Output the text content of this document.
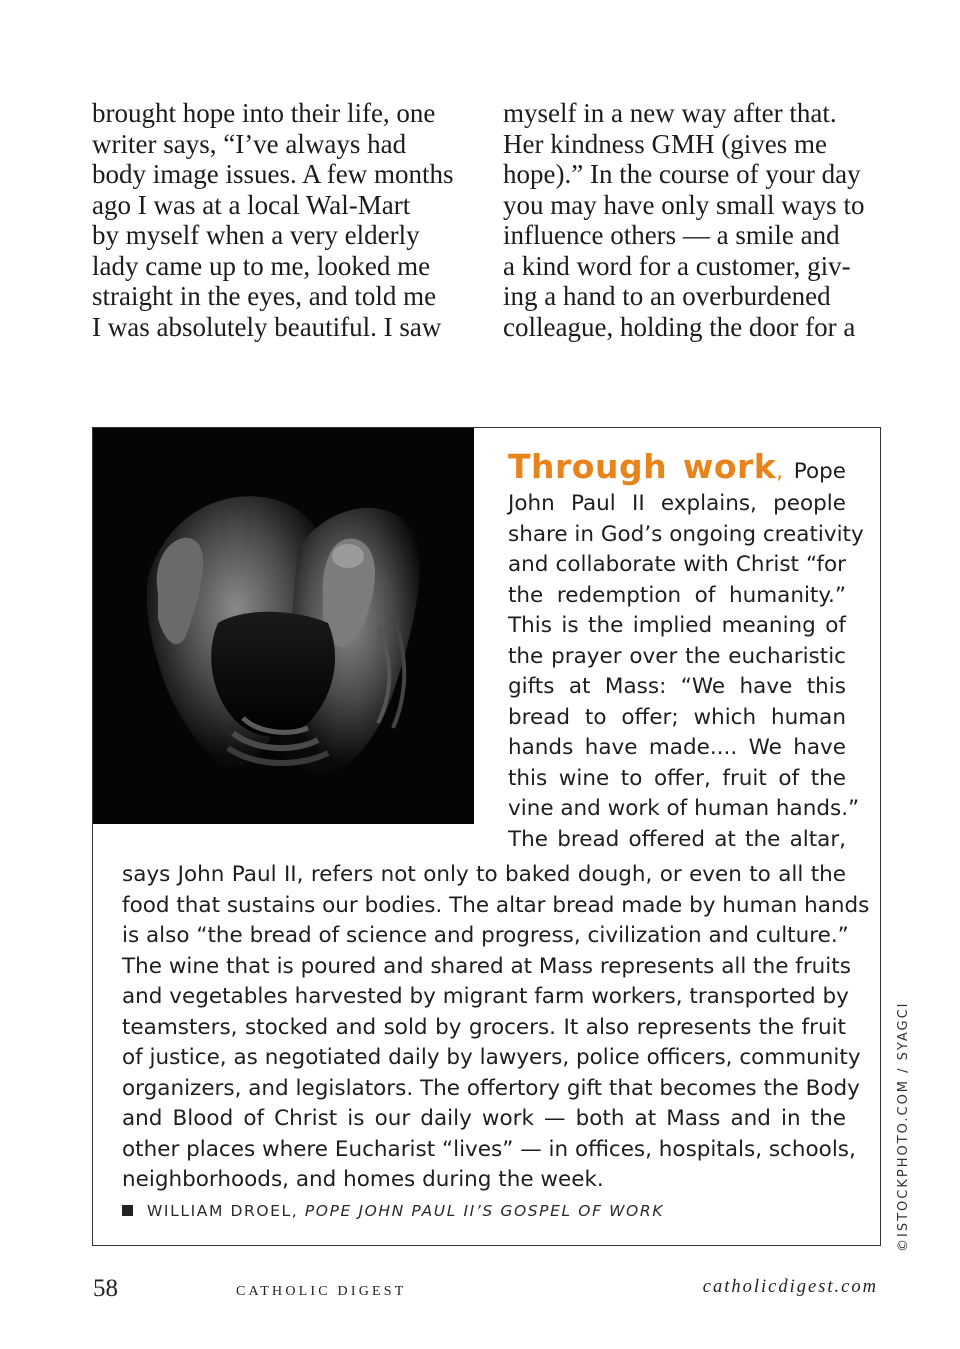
brought hope into their life, one
writer says, “I’ve always had
body image issues. A few months
ago I was at a local Wal-Mart
by myself when a very elderly
lady came up to me, looked me
straight in the eyes, and told me
I was absolutely beautiful. I saw
myself in a new way after that.
Her kindness GMH (gives me
hope).” In the course of your day
you may have only small ways to
influence others — a smile and
a kind word for a customer, giv-
ing a hand to an overburdened
colleague, holding the door for a
Through work, Pope
John Paul II explains, people
share in God’s ongoing creativity
and collaborate with Christ “for
the redemption of humanity.”
This is the implied meaning of
the prayer over the eucharistic
gifts at Mass: “We have this
bread to offer; which human
hands have made.... We have
this wine to offer, fruit of the
vine and work of human hands.”
The bread offered at the altar,
says John Paul II, refers not only to baked dough, or even to all the
food that sustains our bodies. The altar bread made by human hands
is also “the bread of science and progress, civilization and culture.”
The wine that is poured and shared at Mass represents all the fruits
and vegetables harvested by migrant farm workers, transported by
teamsters, stocked and sold by grocers. It also represents the fruit
of justice, as negotiated daily by lawyers, police officers, community
organizers, and legislators. The offertory gift that becomes the Body
and Blood of Christ is our daily work — both at Mass and in the
other places where Eucharist “lives” — in offices, hospitals, schools,
neighborhoods, and homes during the week.
WILLIAM DROEL, POPE JOHN PAUL II’S GOSPEL OF WORK	©ISTOCKPHOTO.COM / SYAGCI
58	CATHOLIC DIGEST	catholicdigest.com
